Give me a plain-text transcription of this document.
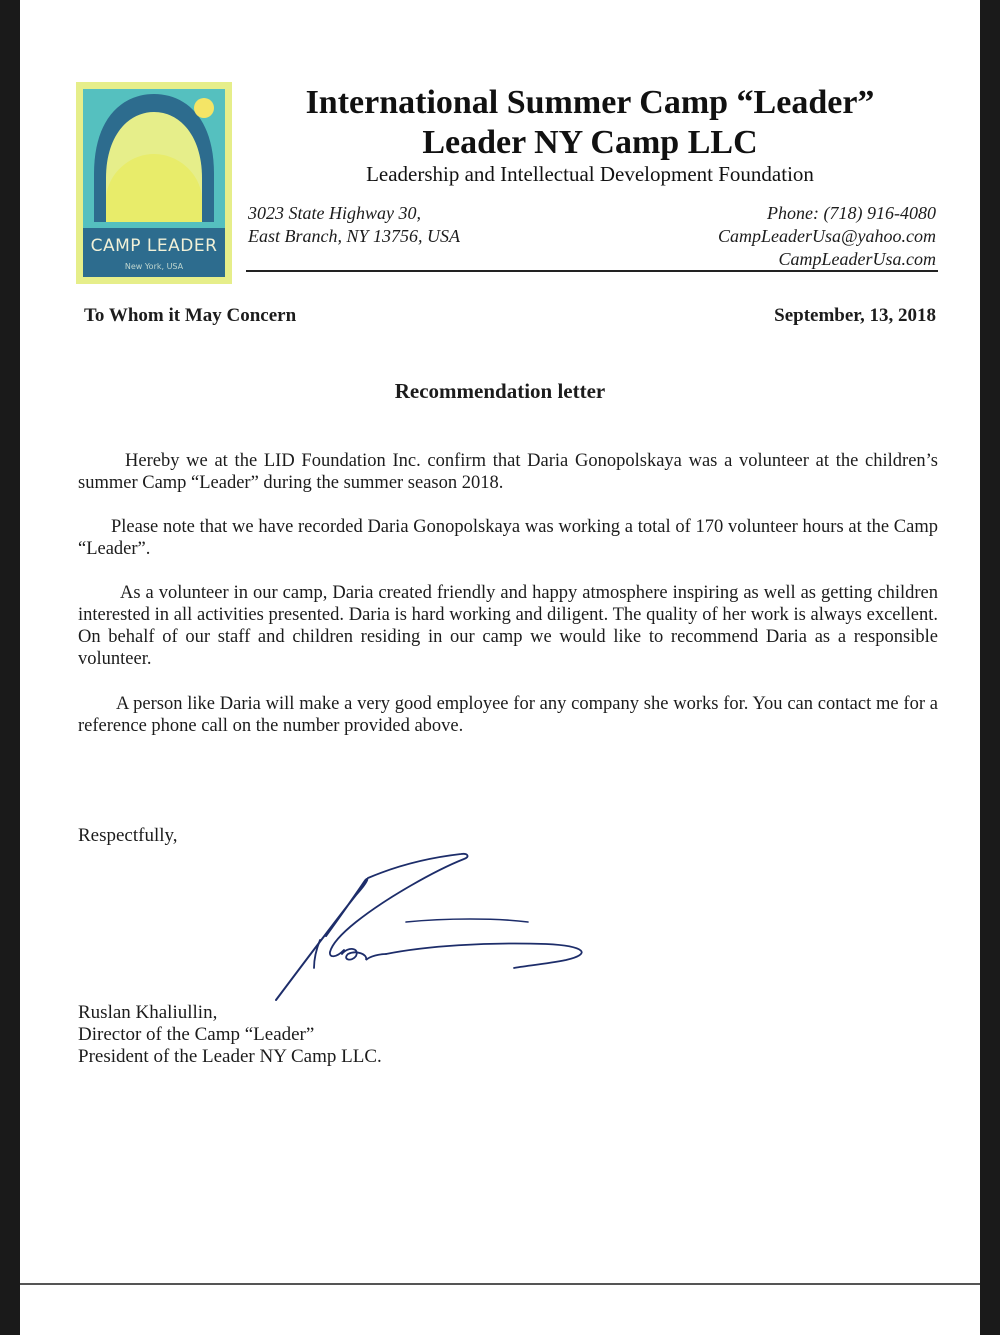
CAMP LEADER
New York, USA
International Summer Camp “Leader”
Leader NY Camp LLC
Leadership and Intellectual Development Foundation
3023 State Highway 30,
East Branch, NY 13756, USA
Phone: (718) 916-4080
CampLeaderUsa@yahoo.com
CampLeaderUsa.com
To Whom it May Concern	September, 13, 2018
Recommendation letter
Hereby we at the LID Foundation Inc. confirm that Daria Gonopolskaya was a volunteer at the children’s summer Camp “Leader” during the summer season 2018.
Please note that we have recorded Daria Gonopolskaya was working a total of 170 volunteer hours at the Camp “Leader”.
As a volunteer in our camp, Daria created friendly and happy atmosphere inspiring as well as getting children interested in all activities presented. Daria is hard working and diligent. The quality of her work is always excellent. On behalf of our staff and children residing in our camp we would like to recommend Daria as a responsible volunteer.
A person like Daria will make a very good employee for any company she works for. You can contact me for a reference phone call on the number provided above.
Respectfully,
Ruslan Khaliullin,
Director of the Camp “Leader”
President of the Leader NY Camp LLC.
